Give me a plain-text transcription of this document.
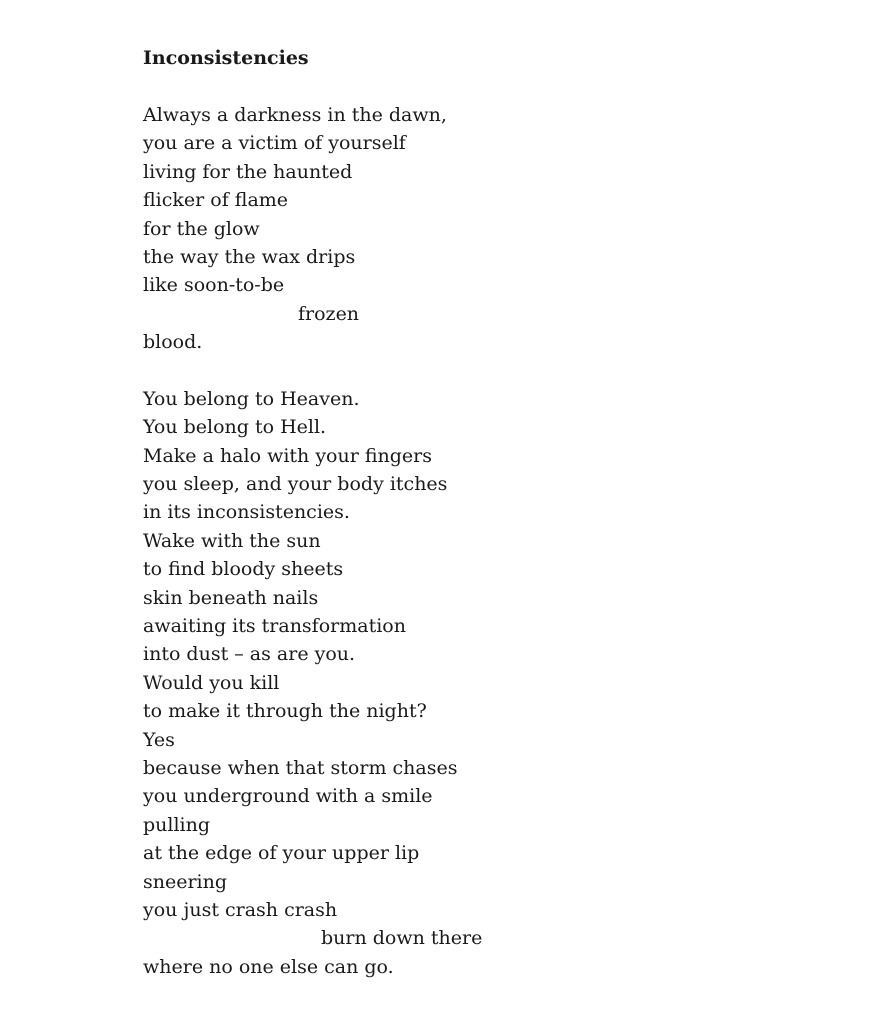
Inconsistencies
Always a darkness in the dawn,
you are a victim of yourself
living for the haunted
flicker of flame
for the glow
the way the wax drips
like soon-to-be
frozen
blood.
You belong to Heaven.
You belong to Hell.
Make a halo with your fingers
you sleep, and your body itches
in its inconsistencies.
Wake with the sun
to find bloody sheets
skin beneath nails
awaiting its transformation
into dust – as are you.
Would you kill
to make it through the night?
Yes
because when that storm chases
you underground with a smile
pulling
at the edge of your upper lip
sneering
you just crash crash
burn down there
where no one else can go.
